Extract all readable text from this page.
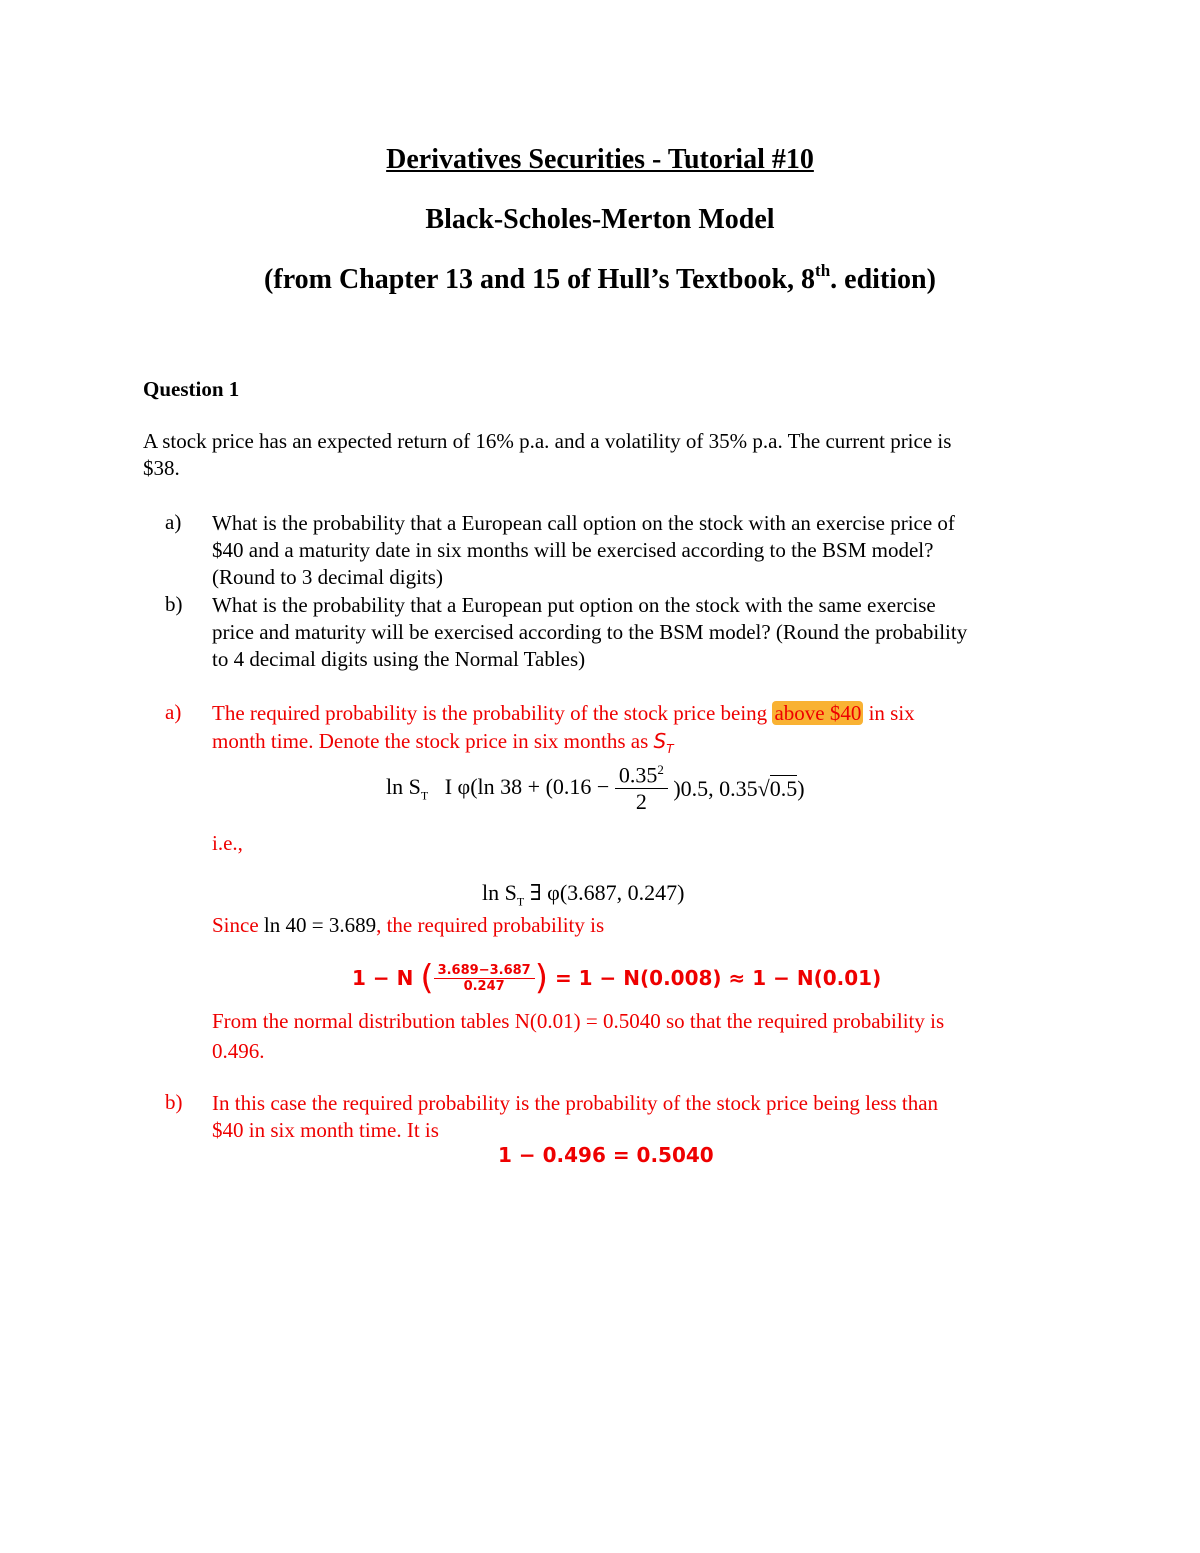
Derivatives Securities - Tutorial #10
Black-Scholes-Merton Model
(from Chapter 13 and 15 of Hull’s Textbook, 8th. edition)
Question 1
A stock price has an expected return of 16% p.a. and a volatility of 35% p.a. The current price is
$38.
a) What is the probability that a European call option on the stock with an exercise price of
$40 and a maturity date in six months will be exercised according to the BSM model?
(Round to 3 decimal digits)
b) What is the probability that a European put option on the stock with the same exercise
price and maturity will be exercised according to the BSM model? (Round the probability
to 4 decimal digits using the Normal Tables)
a) The required probability is the probability of the stock price being above $40 in six
month time. Denote the stock price in six months as $S_T$
$\ln S_T$ I φ(ln $38 + (0.16 - \frac{0.35^2}{2} )0.5$, 0.35√0.5)
i.e.,
$\ln S_T$ ∃ φ(3.687, 0.247)
Since ln 40 = 3.689, the required probability is
1 − N ( $\frac{3.689-3.687}{0.247}$ ) = 1 − N(0.008) ≈ 1 − N(0.01)
From the normal distribution tables N(0.01) = 0.5040 so that the required probability is
0.496.
b) In this case the required probability is the probability of the stock price being less than
$40 in six month time. It is
1 − 0.496 = 0.5040
